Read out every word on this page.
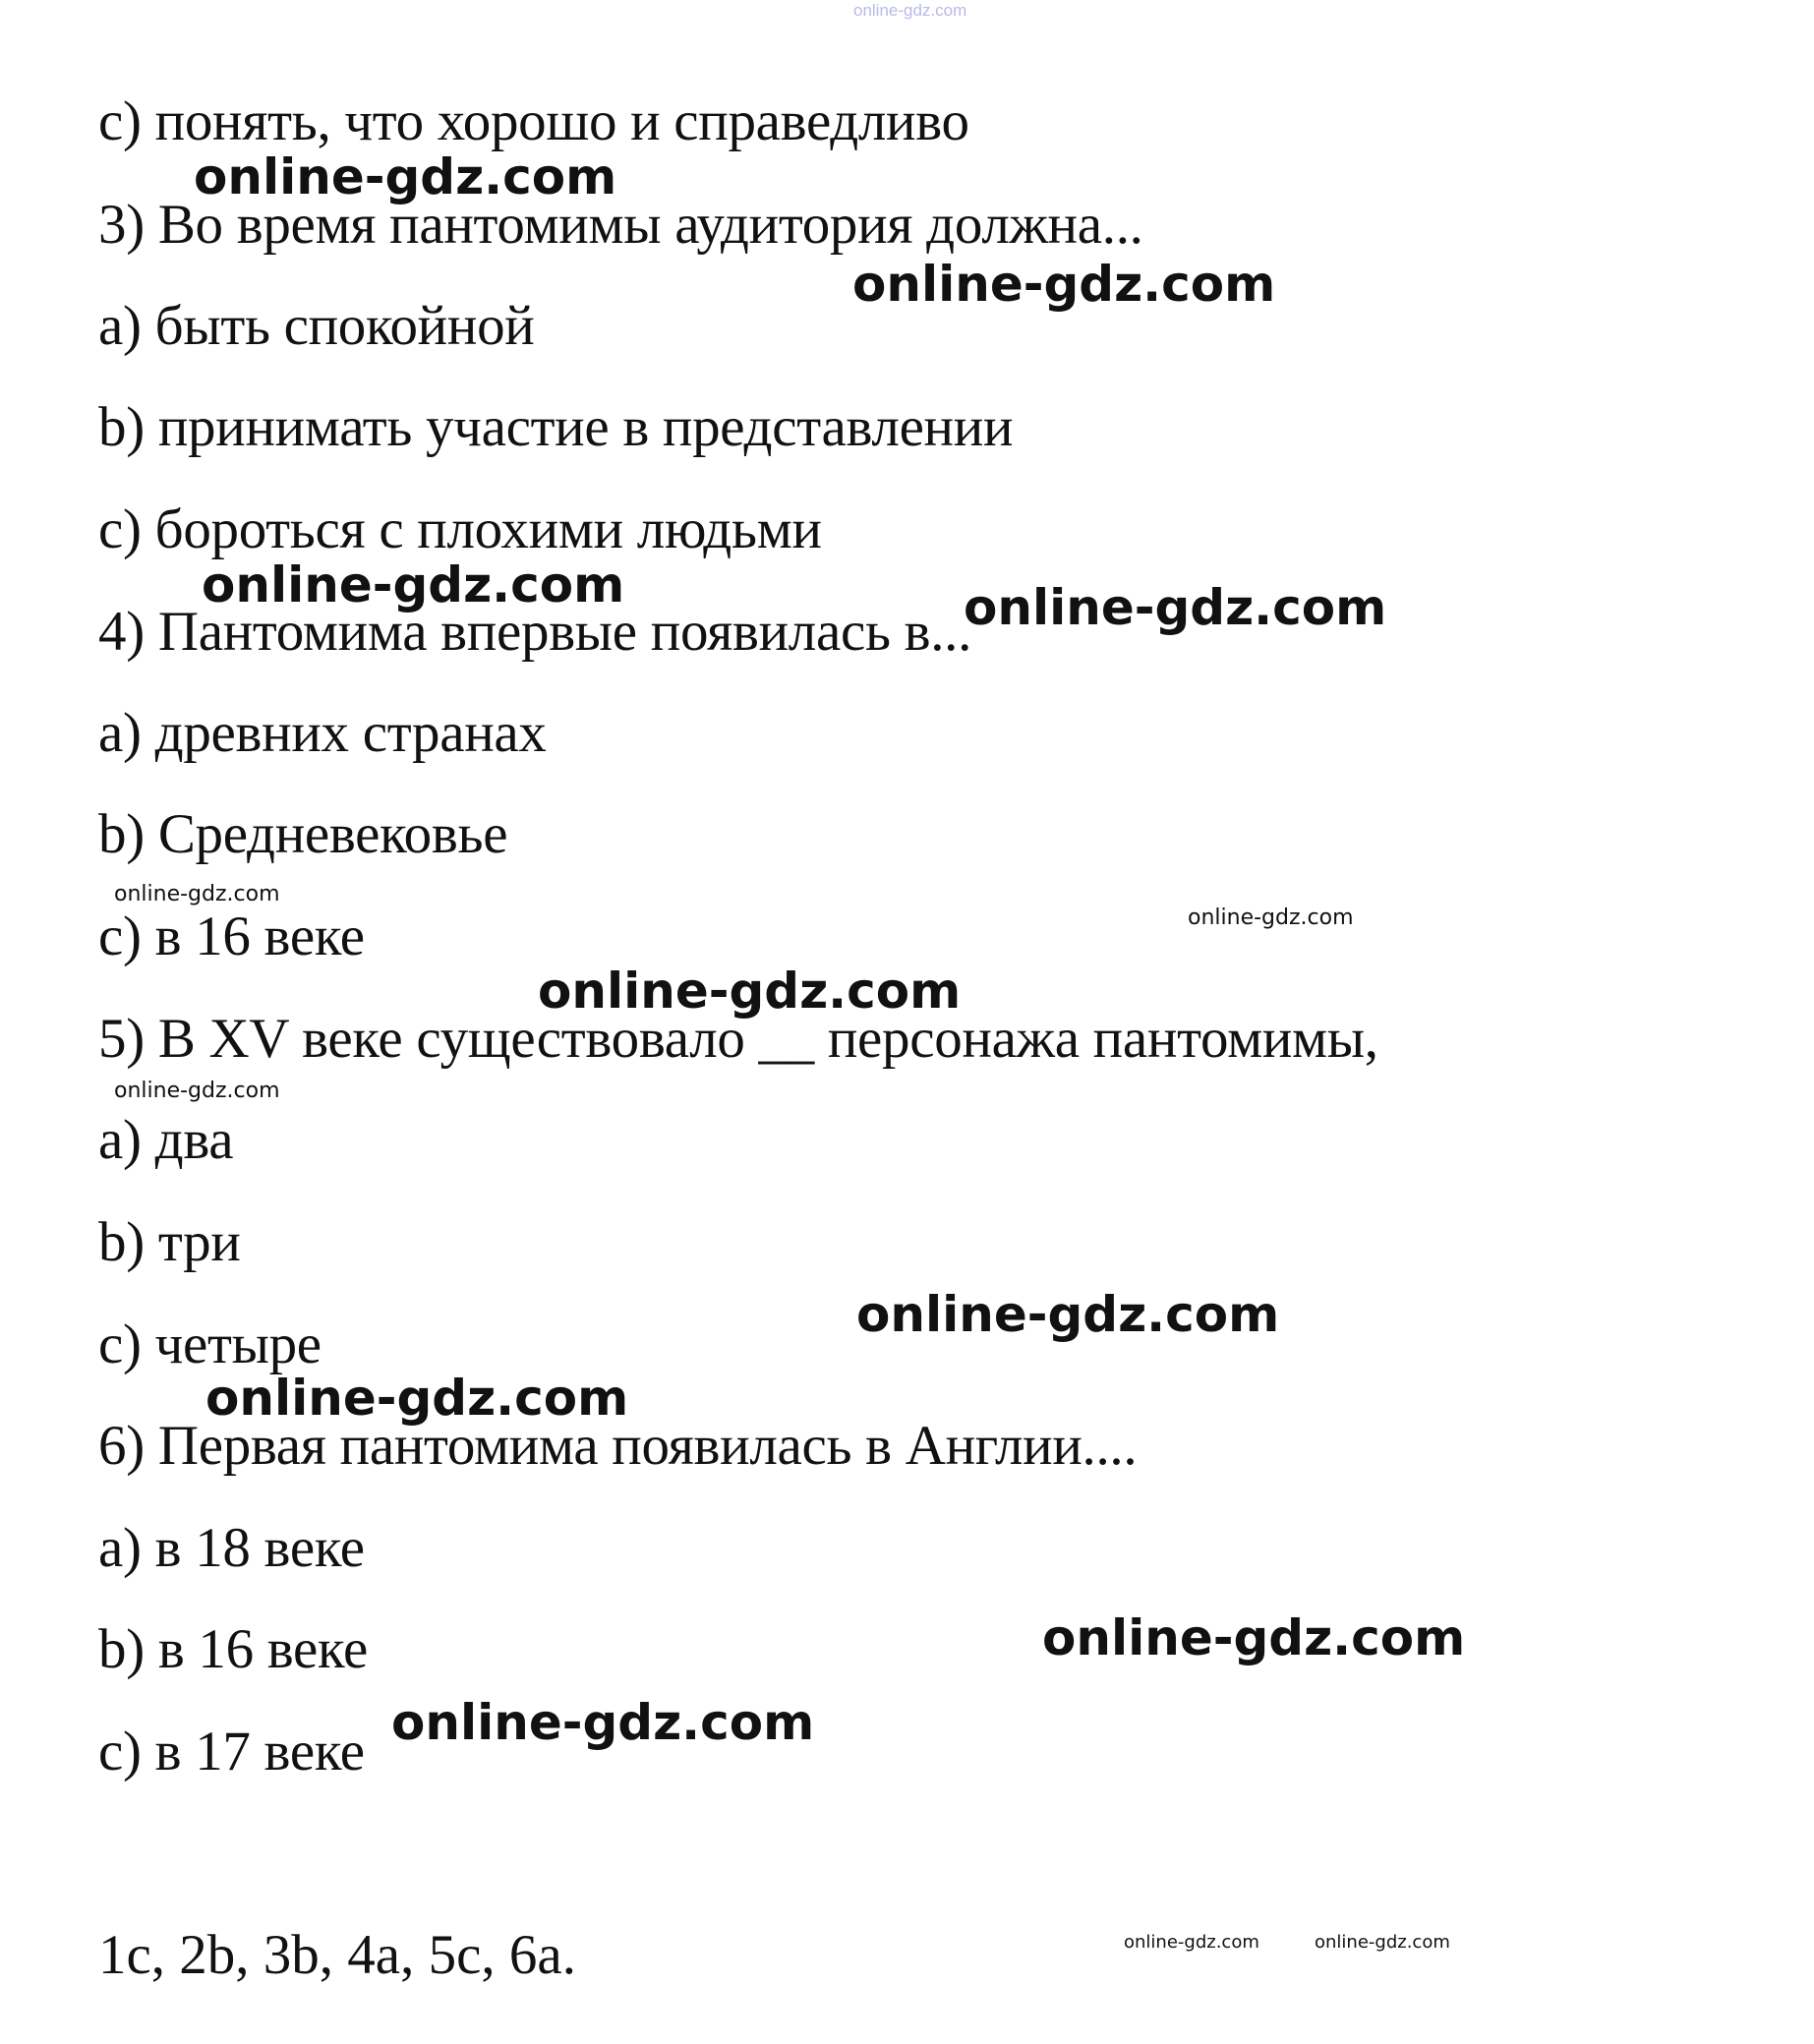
online-gdz.com
c) понять, что хорошо и справедливо
3) Во время пантомимы аудитория должна...
a) быть спокойной
b) принимать участие в представлении
c) бороться с плохими людьми
4) Пантомима впервые появилась в...
a) древних странах
b) Средневековье
c) в 16 веке
5) В XV веке существовало __ персонажа пантомимы,
a) два
b) три
c) четыре
6) Первая пантомима появилась в Англии....
a) в 18 веке
b) в 16 веке
c) в 17 веке
1c, 2b, 3b, 4a, 5c, 6a.
online-gdz.com
online-gdz.com
online-gdz.com	online-gdz.com
online-gdz.com
online-gdz.com
online-gdz.com
online-gdz.com
online-gdz.com
online-gdz.com
online-gdz.com
online-gdz.com
online-gdz.com	online-gdz.com
